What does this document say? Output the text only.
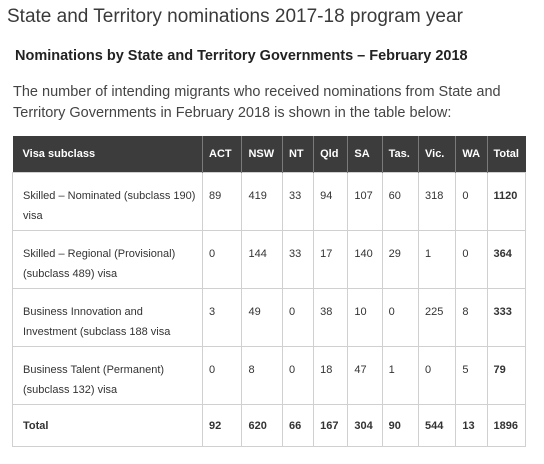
State and Territory nominations 2017-18 program year
Nominations by State and Territory Governments – February 2018

The number of intending migrants who received nominations from State and Territory Governments in February 2018 is shown in the table below:

Visa subclass	ACT	NSW	NT	Qld	SA	Tas.	Vic.	WA	Total
Skilled – Nominated (subclass 190) visa	89	419	33	94	107	60	318	0	1120
Skilled – Regional (Provisional) (subclass 489) visa	0	144	33	17	140	29	1	0	364
Business Innovation and Investment (subclass 188 visa	3	49	0	38	10	0	225	8	333
Business Talent (Permanent) (subclass 132) visa	0	8	0	18	47	1	0	5	79
Total	92	620	66	167	304	90	544	13	1896
